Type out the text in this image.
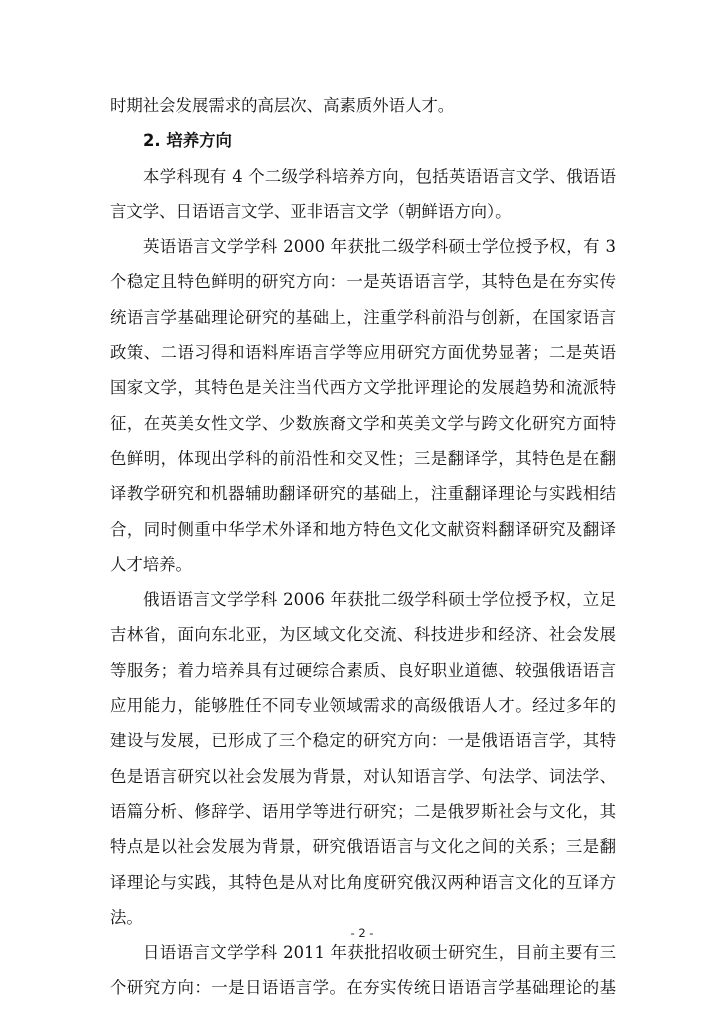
时期社会发展需求的高层次、高素质外语人才。
2. 培养方向
本学科现有 4 个二级学科培养方向，包括英语语言文学、俄语语
言文学、日语语言文学、亚非语言文学（朝鲜语方向）。
英语语言文学学科 2000 年获批二级学科硕士学位授予权，有 3
个稳定且特色鲜明的研究方向：一是英语语言学，其特色是在夯实传
统语言学基础理论研究的基础上，注重学科前沿与创新，在国家语言
政策、二语习得和语料库语言学等应用研究方面优势显著；二是英语
国家文学，其特色是关注当代西方文学批评理论的发展趋势和流派特
征，在英美女性文学、少数族裔文学和英美文学与跨文化研究方面特
色鲜明，体现出学科的前沿性和交叉性；三是翻译学，其特色是在翻
译教学研究和机器辅助翻译研究的基础上，注重翻译理论与实践相结
合，同时侧重中华学术外译和地方特色文化文献资料翻译研究及翻译
人才培养。
俄语语言文学学科 2006 年获批二级学科硕士学位授予权，立足
吉林省，面向东北亚，为区域文化交流、科技进步和经济、社会发展
等服务；着力培养具有过硬综合素质、良好职业道德、较强俄语语言
应用能力，能够胜任不同专业领域需求的高级俄语人才。经过多年的
建设与发展，已形成了三个稳定的研究方向：一是俄语语言学，其特
色是语言研究以社会发展为背景，对认知语言学、句法学、词法学、
语篇分析、修辞学、语用学等进行研究；二是俄罗斯社会与文化，其
特点是以社会发展为背景，研究俄语语言与文化之间的关系；三是翻
译理论与实践，其特色是从对比角度研究俄汉两种语言文化的互译方
法。
日语语言文学学科 2011 年获批招收硕士研究生，目前主要有三
个研究方向：一是日语语言学。在夯实传统日语语言学基础理论的基
- 2 -
